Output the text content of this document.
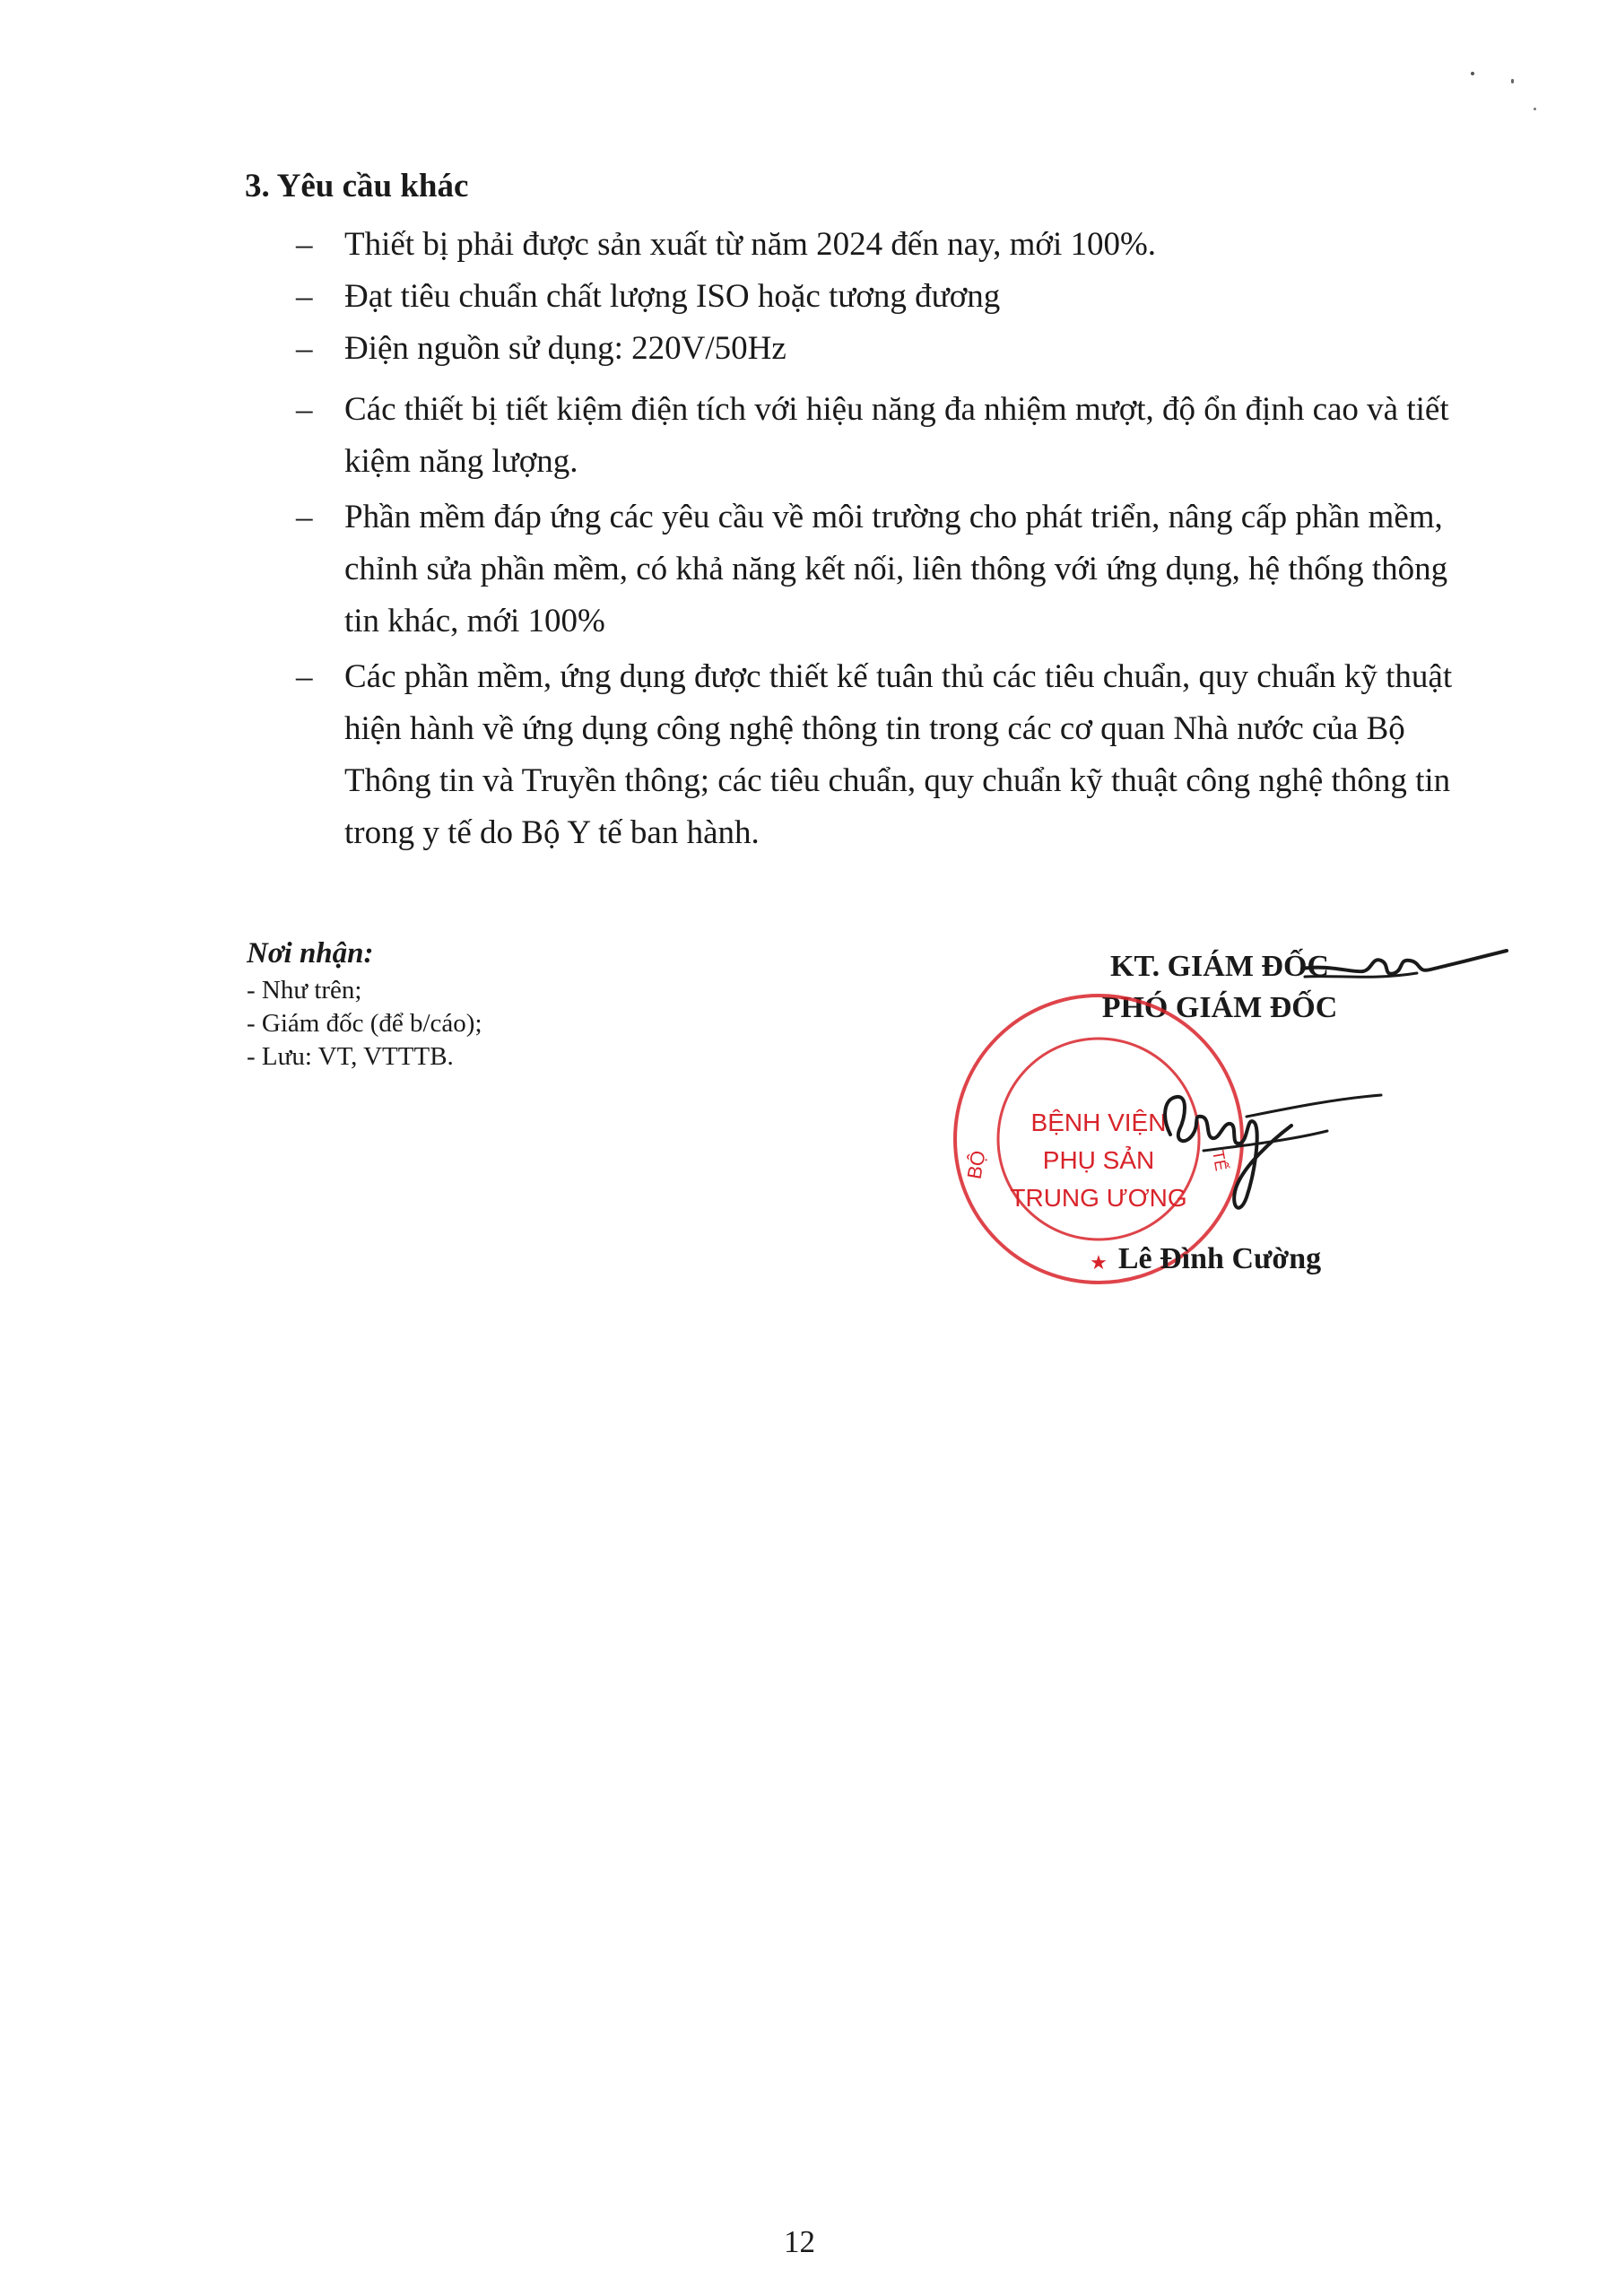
3. Yêu cầu khác
– Thiết bị phải được sản xuất từ năm 2024 đến nay, mới 100%.
– Đạt tiêu chuẩn chất lượng ISO hoặc tương đương
– Điện nguồn sử dụng: 220V/50Hz
– Các thiết bị tiết kiệm điện tích với hiệu năng đa nhiệm mượt, độ ổn định cao và tiết kiệm năng lượng.
– Phần mềm đáp ứng các yêu cầu về môi trường cho phát triển, nâng cấp phần mềm, chỉnh sửa phần mềm, có khả năng kết nối, liên thông với ứng dụng, hệ thống thông tin khác, mới 100%
– Các phần mềm, ứng dụng được thiết kế tuân thủ các tiêu chuẩn, quy chuẩn kỹ thuật hiện hành về ứng dụng công nghệ thông tin trong các cơ quan Nhà nước của Bộ Thông tin và Truyền thông; các tiêu chuẩn, quy chuẩn kỹ thuật công nghệ thông tin trong y tế do Bộ Y tế ban hành.

Nơi nhận:

- Như trên;
- Giám đốc (để b/cáo);
- Lưu: VT, VTTTB.

KT. GIÁM ĐỐC
PHÓ GIÁM ĐỐC

BỆNH VIỆN
PHỤ SẢN
TRUNG ƯƠNG
BỘ	TẾ
★ Lê Đình Cường

12
